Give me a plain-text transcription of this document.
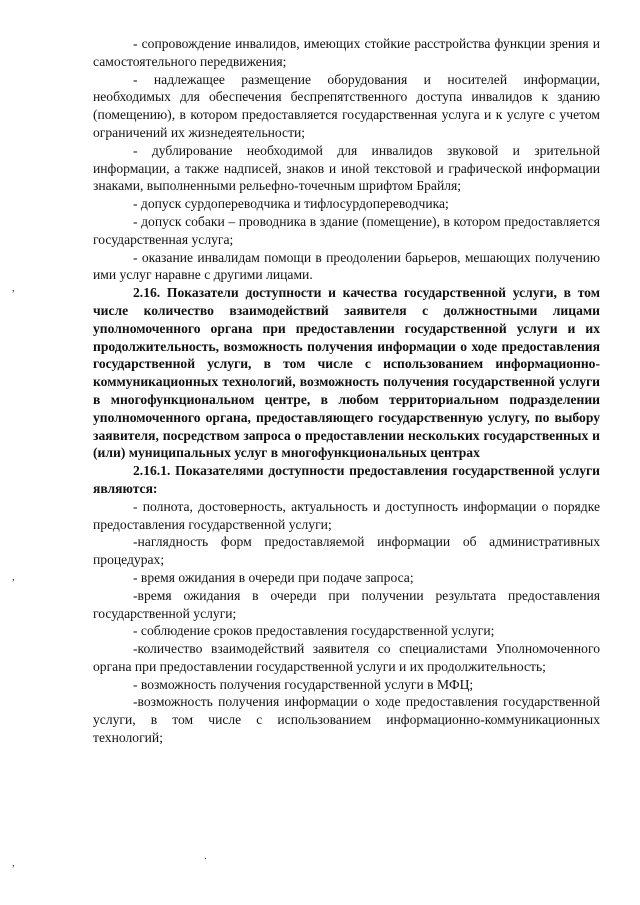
- сопровождение инвалидов, имеющих стойкие расстройства функции зрения и самостоятельного передвижения;

- надлежащее размещение оборудования и носителей информации, необходимых для обеспечения беспрепятственного доступа инвалидов к зданию (помещению), в котором предоставляется государственная услуга и к услуге с учетом ограничений их жизнедеятельности;

- дублирование необходимой для инвалидов звуковой и зрительной информации, а также надписей, знаков и иной текстовой и графической информации знаками, выполненными рельефно-точечным шрифтом Брайля;

- допуск сурдопереводчика и тифлосурдопереводчика;

- допуск собаки – проводника в здание (помещение), в котором предоставляется государственная услуга;

- оказание инвалидам помощи в преодолении барьеров, мешающих получению ими услуг наравне с другими лицами.

2.16. Показатели доступности и качества государственной услуги, в том числе количество взаимодействий заявителя с должностными лицами уполномоченного органа при предоставлении государственной услуги и их продолжительность, возможность получения информации о ходе предоставления государственной услуги, в том числе с использованием информационно-коммуникационных технологий, возможность получения государственной услуги в многофункциональном центре, в любом территориальном подразделении уполномоченного органа, предоставляющего государственную услугу, по выбору заявителя, посредством запроса о предоставлении нескольких государственных и (или) муниципальных услуг в многофункциональных центрах

2.16.1. Показателями доступности предоставления государственной услуги являются:

- полнота, достоверность, актуальность и доступность информации о порядке предоставления государственной услуги;

-наглядность форм предоставляемой информации об административных процедурах;

- время ожидания в очереди при подаче запроса;

-время ожидания в очереди при получении результата предоставления государственной услуги;

- соблюдение сроков предоставления государственной услуги;

-количество взаимодействий заявителя со специалистами Уполномоченного органа при предоставлении государственной услуги и их продолжительность;

- возможность получения государственной услуги в МФЦ;

-возможность получения информации о ходе предоставления государственной услуги, в том числе с использованием информационно-коммуникационных технологий;

,
,
,
.
